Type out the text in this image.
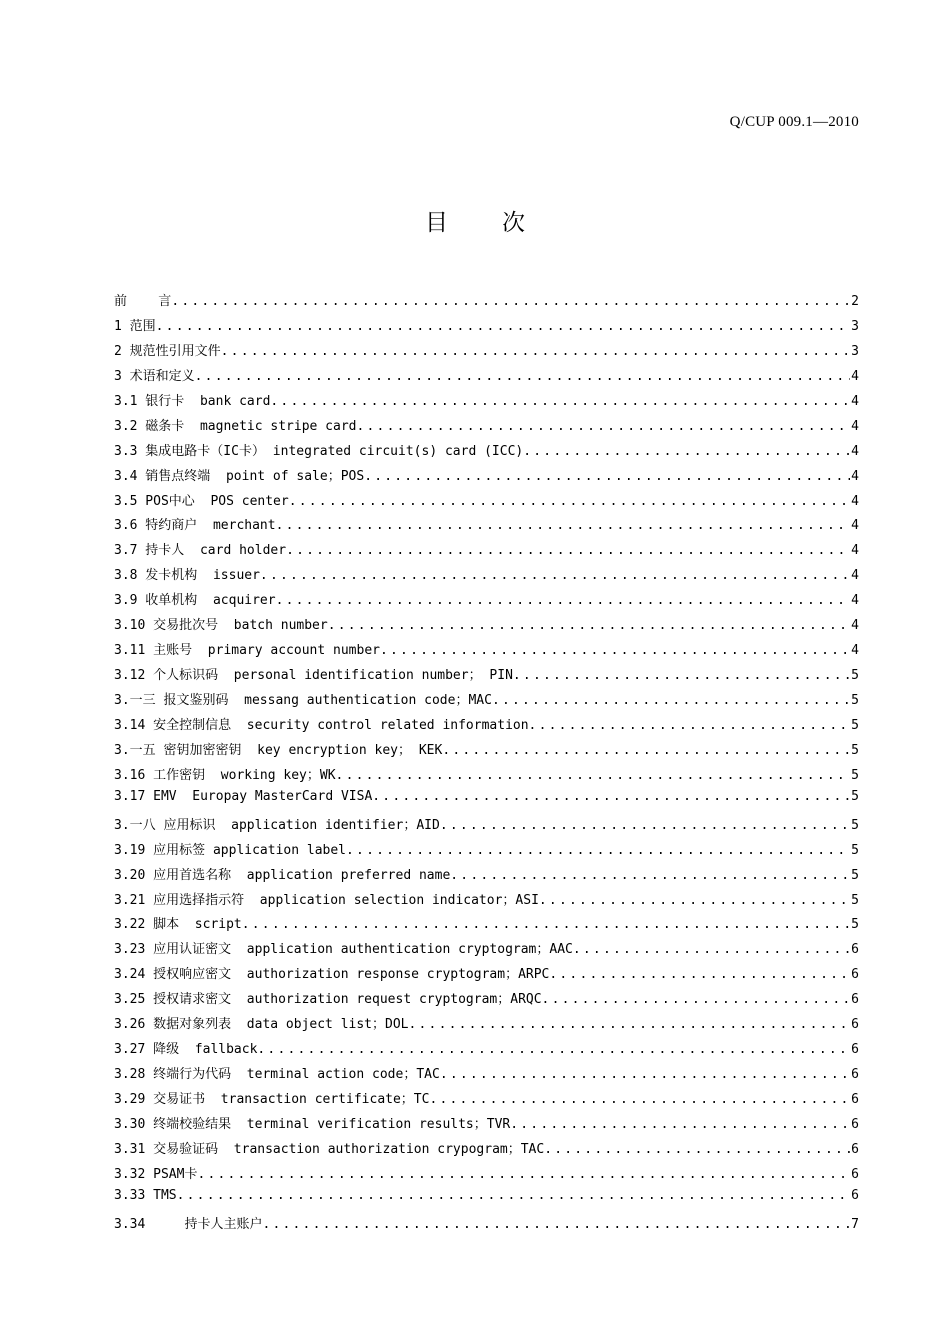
Q/CUP 009.1—2010
目 次
前    言 .....	2
1 范围 .....	3
2 规范性引用文件 .....	3
3 术语和定义 .....	4
3.1 银行卡  bank card .....	4
3.2 磁条卡  magnetic stripe card .....	4
3.3 集成电路卡（IC卡） integrated circuit(s) card (ICC) .....	4
3.4 销售点终端  point of sale；POS .....	4
3.5 POS中心  POS center .....	4
3.6 特约商户  merchant .....	4
3.7 持卡人  card holder .....	4
3.8 发卡机构  issuer .....	4
3.9 收单机构  acquirer .....	4
3.10 交易批次号  batch number .....	4
3.11 主账号  primary account number .....	4
3.12 个人标识码  personal identification number； PIN .....	5
3.一三 报文鉴别码  messang authentication code；MAC .....	5
3.14 安全控制信息  security control related information .....	5
3.一五 密钥加密密钥  key encryption key； KEK .....	5
3.16 工作密钥  working key；WK .....	5
3.17 EMV  Europay MasterCard VISA .....	5
3.一八 应用标识  application identifier；AID .....	5
3.19 应用标签 application label .....	5
3.20 应用首选名称  application preferred name .....	5
3.21 应用选择指示符  application selection indicator；ASI .....	5
3.22 脚本  script .....	5
3.23 应用认证密文  application authentication cryptogram；AAC .....	6
3.24 授权响应密文  authorization response cryptogram；ARPC .....	6
3.25 授权请求密文  authorization request cryptogram；ARQC .....	6
3.26 数据对象列表  data object list；DOL .....	6
3.27 降级  fallback .....	6
3.28 终端行为代码  terminal action code；TAC .....	6
3.29 交易证书  transaction certificate；TC .....	6
3.30 终端校验结果  terminal verification results；TVR .....	6
3.31 交易验证码  transaction authorization crypogram；TAC .....	6
3.32 PSAM卡 .....	6
3.33 TMS .....	6
3.34     持卡人主账户 .....	7
